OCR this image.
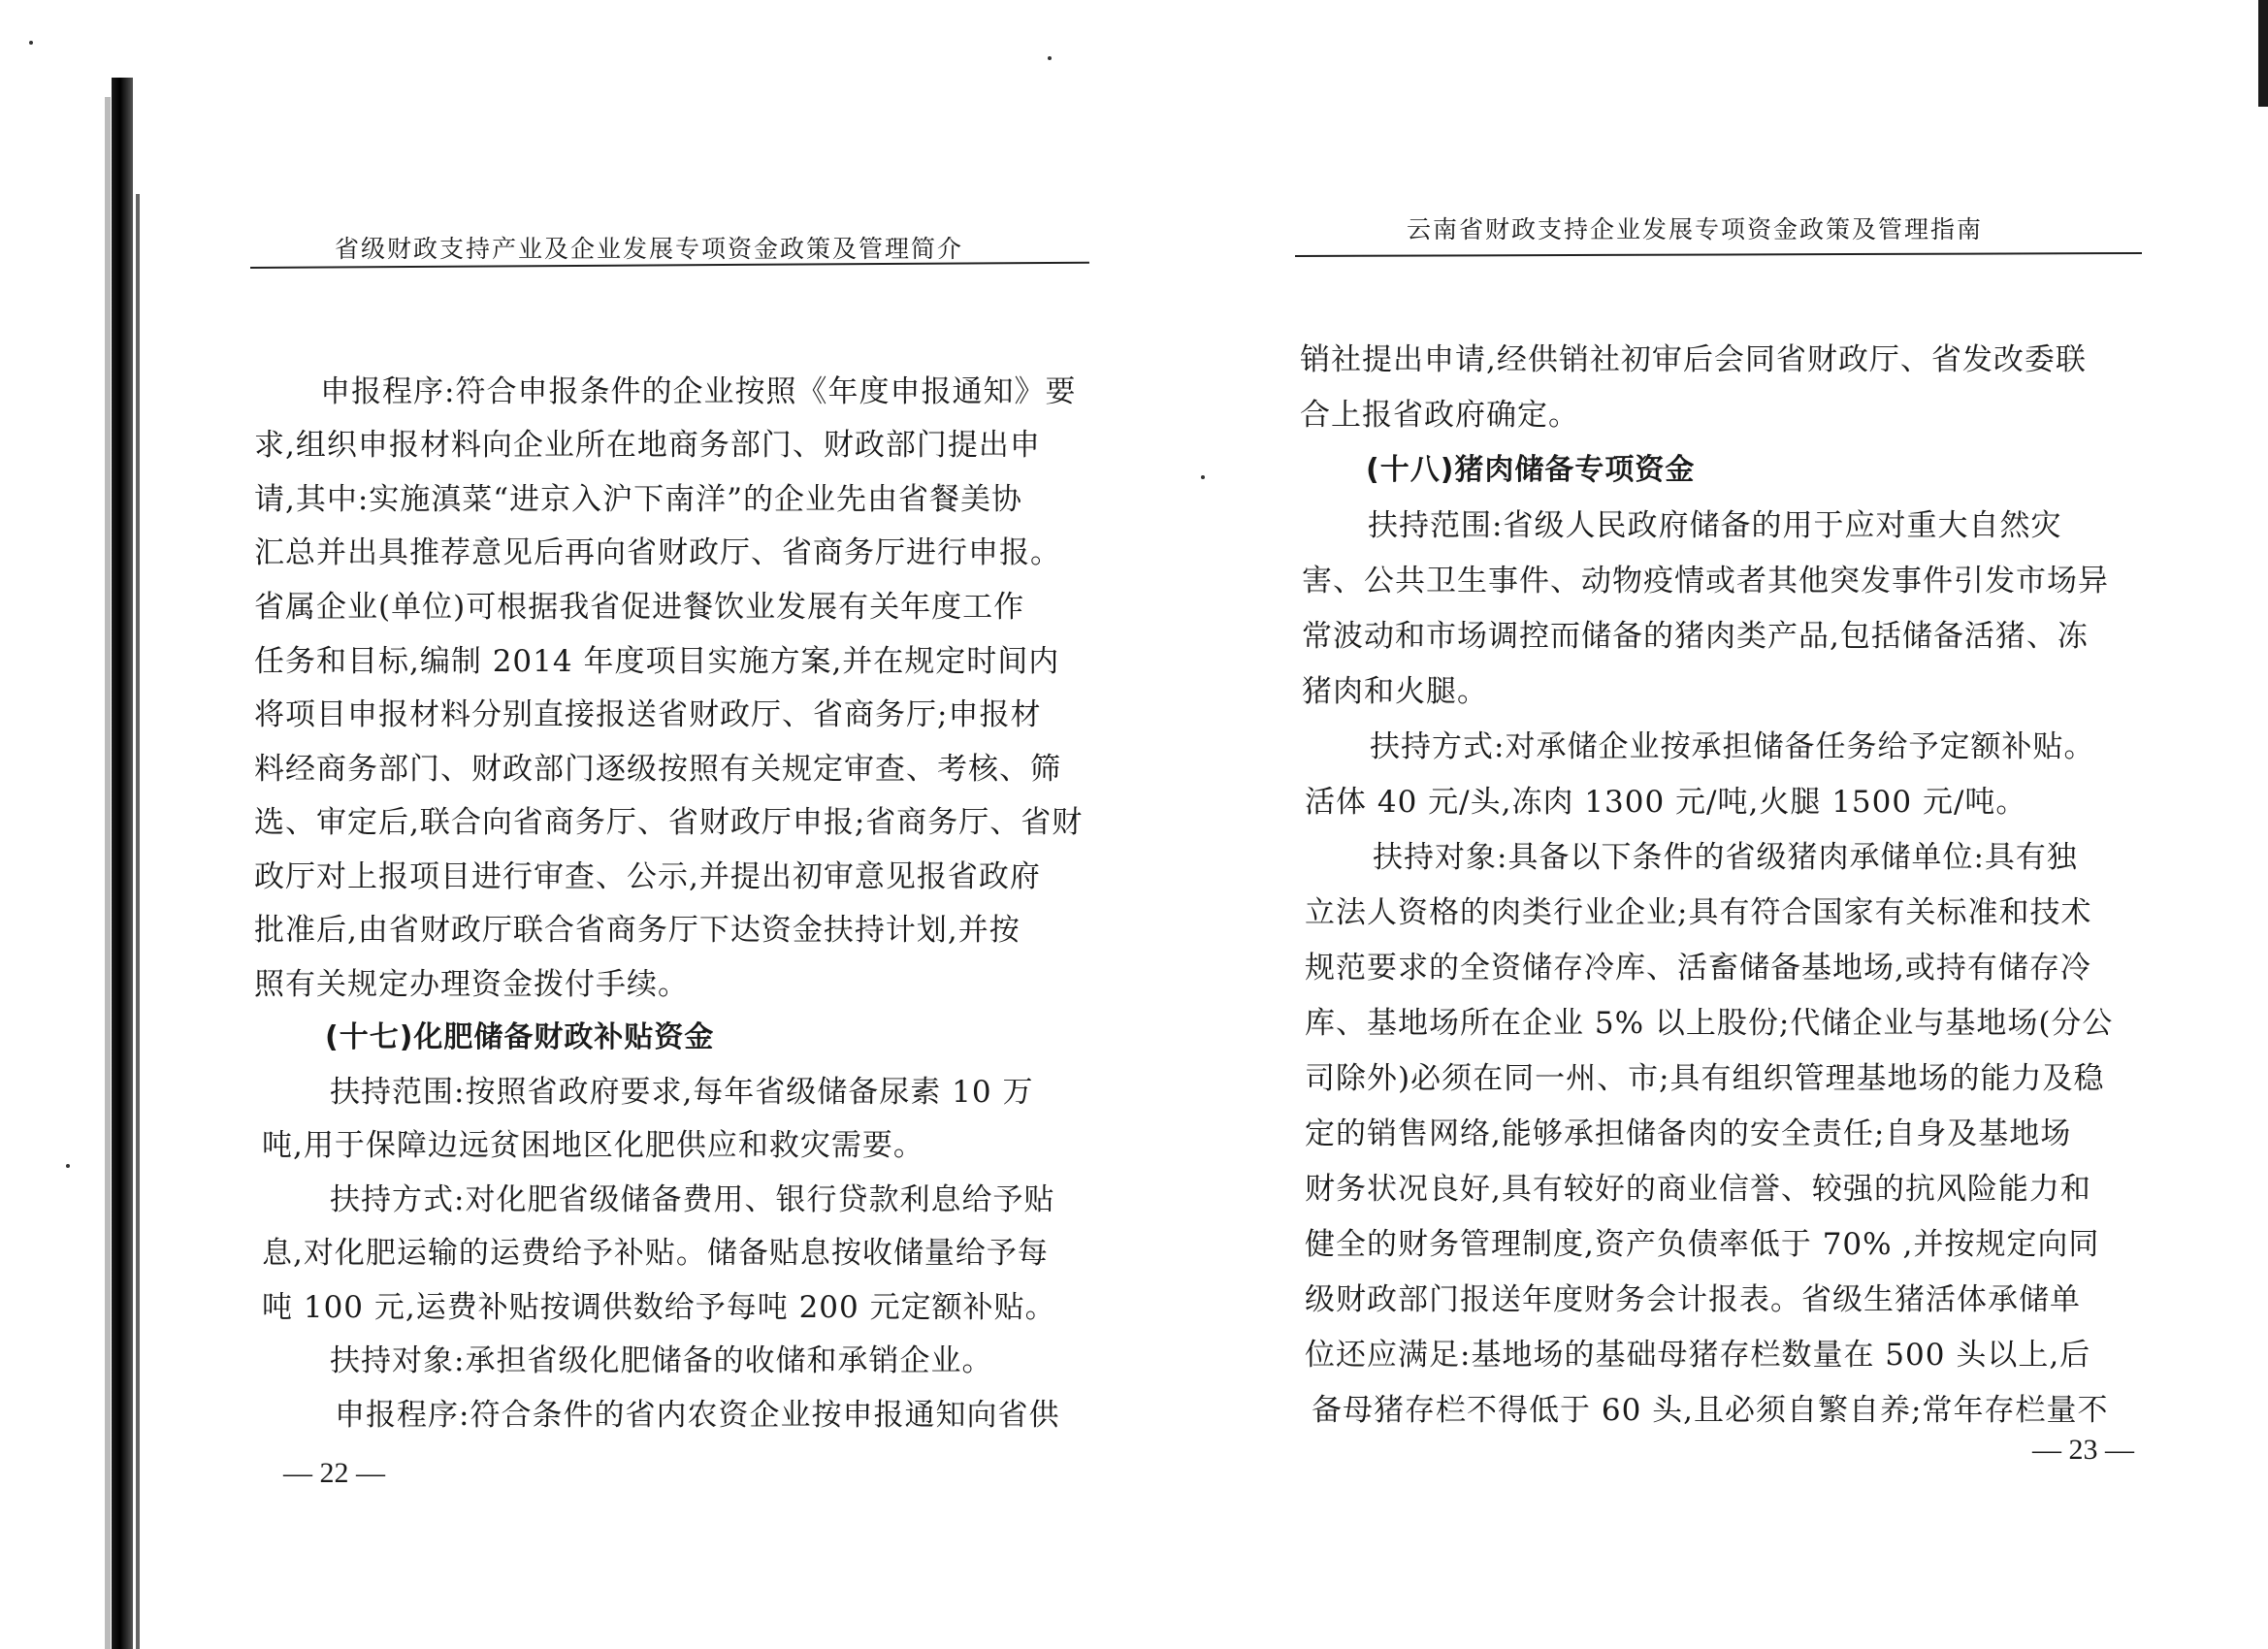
省级财政支持产业及企业发展专项资金政策及管理简介
申报程序:符合申报条件的企业按照《年度申报通知》要
求,组织申报材料向企业所在地商务部门、财政部门提出申
请,其中:实施滇菜“进京入沪下南洋”的企业先由省餐美协
汇总并出具推荐意见后再向省财政厅、省商务厅进行申报。
省属企业(单位)可根据我省促进餐饮业发展有关年度工作
任务和目标,编制 2014 年度项目实施方案,并在规定时间内
将项目申报材料分别直接报送省财政厅、省商务厅;申报材
料经商务部门、财政部门逐级按照有关规定审查、考核、筛
选、审定后,联合向省商务厅、省财政厅申报;省商务厅、省财
政厅对上报项目进行审查、公示,并提出初审意见报省政府
批准后,由省财政厅联合省商务厅下达资金扶持计划,并按
照有关规定办理资金拨付手续。
(十七)化肥储备财政补贴资金
扶持范围:按照省政府要求,每年省级储备尿素 10 万
吨,用于保障边远贫困地区化肥供应和救灾需要。
扶持方式:对化肥省级储备费用、银行贷款利息给予贴
息,对化肥运输的运费给予补贴。储备贴息按收储量给予每
吨 100 元,运费补贴按调供数给予每吨 200 元定额补贴。
扶持对象:承担省级化肥储备的收储和承销企业。
申报程序:符合条件的省内农资企业按申报通知向省供
— 22 —
云南省财政支持企业发展专项资金政策及管理指南
销社提出申请,经供销社初审后会同省财政厅、省发改委联
合上报省政府确定。
(十八)猪肉储备专项资金
扶持范围:省级人民政府储备的用于应对重大自然灾
害、公共卫生事件、动物疫情或者其他突发事件引发市场异
常波动和市场调控而储备的猪肉类产品,包括储备活猪、冻
猪肉和火腿。
扶持方式:对承储企业按承担储备任务给予定额补贴。
活体 40 元/头,冻肉 1300 元/吨,火腿 1500 元/吨。
扶持对象:具备以下条件的省级猪肉承储单位:具有独
立法人资格的肉类行业企业;具有符合国家有关标准和技术
规范要求的全资储存冷库、活畜储备基地场,或持有储存冷
库、基地场所在企业 5% 以上股份;代储企业与基地场(分公
司除外)必须在同一州、市;具有组织管理基地场的能力及稳
定的销售网络,能够承担储备肉的安全责任;自身及基地场
财务状况良好,具有较好的商业信誉、较强的抗风险能力和
健全的财务管理制度,资产负债率低于 70% ,并按规定向同
级财政部门报送年度财务会计报表。省级生猪活体承储单
位还应满足:基地场的基础母猪存栏数量在 500 头以上,后
备母猪存栏不得低于 60 头,且必须自繁自养;常年存栏量不
— 23 —
